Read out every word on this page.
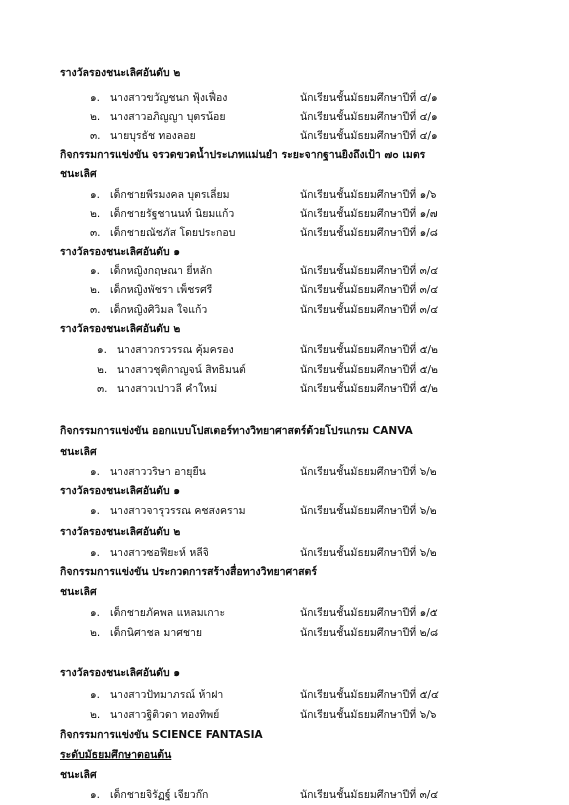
รางวัลรองชนะเลิศอันดับ ๒
๑. นางสาวขวัญชนก ฟุ้งเฟื่อง	นักเรียนชั้นมัธยมศึกษาปีที่ ๔/๑
๒. นางสาวอภิญญา บุตรน้อย	นักเรียนชั้นมัธยมศึกษาปีที่ ๔/๑
๓. นายบุรธัช ทองลอย	นักเรียนชั้นมัธยมศึกษาปีที่ ๔/๑
กิจกรรมการแข่งขัน จรวดขวดน้ำประเภทแม่นยำ ระยะจากฐานยิงถึงเป้า ๗๐ เมตร
ชนะเลิศ
๑. เด็กชายพีรมงคล บุตรเลี่ยม	นักเรียนชั้นมัธยมศึกษาปีที่ ๑/๖
๒. เด็กชายรัฐชานนท์ นิยมแก้ว	นักเรียนชั้นมัธยมศึกษาปีที่ ๑/๗
๓. เด็กชายณัชภัส โดยประกอบ	นักเรียนชั้นมัธยมศึกษาปีที่ ๑/๘
รางวัลรองชนะเลิศอันดับ ๑
๑. เด็กหญิงกฤษณา ยี่หลัก	นักเรียนชั้นมัธยมศึกษาปีที่ ๓/๔
๒. เด็กหญิงพัชรา เพ็ชรศรี	นักเรียนชั้นมัธยมศึกษาปีที่ ๓/๔
๓. เด็กหญิงศิวิมล ใจแก้ว	นักเรียนชั้นมัธยมศึกษาปีที่ ๓/๔
รางวัลรองชนะเลิศอันดับ ๒
๑. นางสาวกรวรรณ คุ้มครอง	นักเรียนชั้นมัธยมศึกษาปีที่ ๕/๒
๒. นางสาวชุติกาญจน์ สิทธิมนต์	นักเรียนชั้นมัธยมศึกษาปีที่ ๕/๒
๓. นางสาวเปาวลี คำใหม่	นักเรียนชั้นมัธยมศึกษาปีที่ ๕/๒
กิจกรรมการแข่งขัน ออกแบบโปสเตอร์ทางวิทยาศาสตร์ด้วยโปรแกรม CANVA
ชนะเลิศ
๑. นางสาววริษา อายุยืน	นักเรียนชั้นมัธยมศึกษาปีที่ ๖/๒
รางวัลรองชนะเลิศอันดับ ๑
๑. นางสาวจารุวรรณ คชสงคราม	นักเรียนชั้นมัธยมศึกษาปีที่ ๖/๒
รางวัลรองชนะเลิศอันดับ ๒
๑. นางสาวซอฟียะห์ หลีจิ	นักเรียนชั้นมัธยมศึกษาปีที่ ๖/๒
กิจกรรมการแข่งขัน ประกวดการสร้างสื่อทางวิทยาศาสตร์
ชนะเลิศ
๑. เด็กชายภัคพล แหลมเกาะ	นักเรียนชั้นมัธยมศึกษาปีที่ ๑/๕
๒. เด็กนิศาชล มาศชาย	นักเรียนชั้นมัธยมศึกษาปีที่ ๒/๘
รางวัลรองชนะเลิศอันดับ ๑
๑. นางสาวปัทมาภรณ์ ห้าฝา	นักเรียนชั้นมัธยมศึกษาปีที่ ๕/๔
๒. นางสาวฐิติวดา ทองทิพย์	นักเรียนชั้นมัธยมศึกษาปีที่ ๖/๖
กิจกรรมการแข่งขัน SCIENCE FANTASIA
ระดับมัธยมศึกษาตอนต้น
ชนะเลิศ
๑. เด็กชายจิรัฏฐ์ เจียวก๊ก	นักเรียนชั้นมัธยมศึกษาปีที่ ๓/๔
